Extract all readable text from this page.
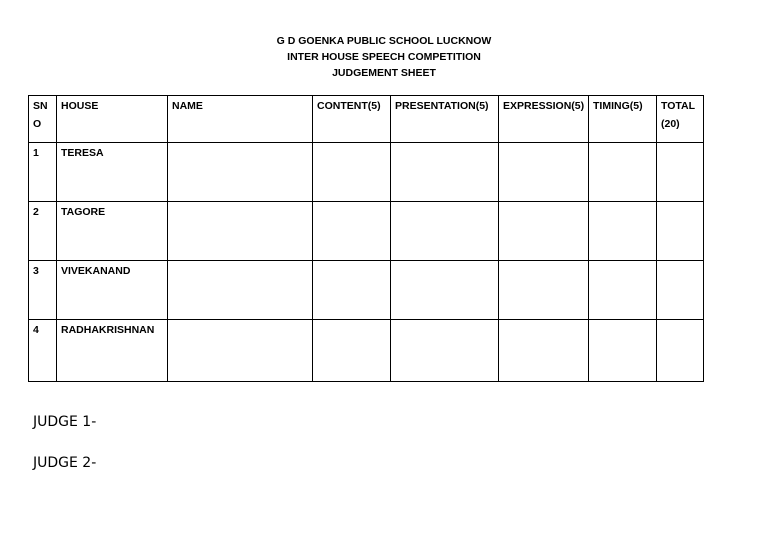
G D GOENKA PUBLIC SCHOOL LUCKNOW
INTER HOUSE SPEECH COMPETITION
JUDGEMENT SHEET
SN O	HOUSE	NAME	CONTENT(5)	PRESENTATION(5)	EXPRESSION(5)	TIMING(5)	TOTAL (20)
1	TERESA						
2	TAGORE						
3	VIVEKANAND						
4	RADHAKRISHNAN						
JUDGE 1-
JUDGE 2-
